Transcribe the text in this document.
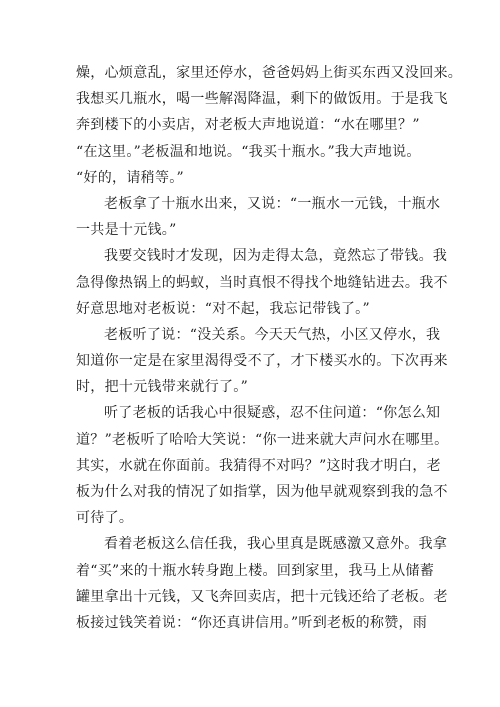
燥，心烦意乱，家里还停水，爸爸妈妈上街买东西又没回来。
我想买几瓶水，喝一些解渴降温，剩下的做饭用。于是我飞
奔到楼下的小卖店，对老板大声地说道：“水在哪里？”
“在这里。”老板温和地说。“我买十瓶水。”我大声地说。
“好的，请稍等。”
老板拿了十瓶水出来，又说：“一瓶水一元钱，十瓶水
一共是十元钱。”
我要交钱时才发现，因为走得太急，竟然忘了带钱。我
急得像热锅上的蚂蚁，当时真恨不得找个地缝钻进去。我不
好意思地对老板说：“对不起，我忘记带钱了。”
老板听了说：“没关系。今天天气热，小区又停水，我
知道你一定是在家里渴得受不了，才下楼买水的。下次再来
时，把十元钱带来就行了。”
听了老板的话我心中很疑惑，忍不住问道：“你怎么知
道？”老板听了哈哈大笑说：“你一进来就大声问水在哪里。
其实，水就在你面前。我猜得不对吗？”这时我才明白，老
板为什么对我的情况了如指掌，因为他早就观察到我的急不
可待了。
看着老板这么信任我，我心里真是既感激又意外。我拿
着“买”来的十瓶水转身跑上楼。回到家里，我马上从储蓄
罐里拿出十元钱，又飞奔回卖店，把十元钱还给了老板。老
板接过钱笑着说：“你还真讲信用。”听到老板的称赞，雨
